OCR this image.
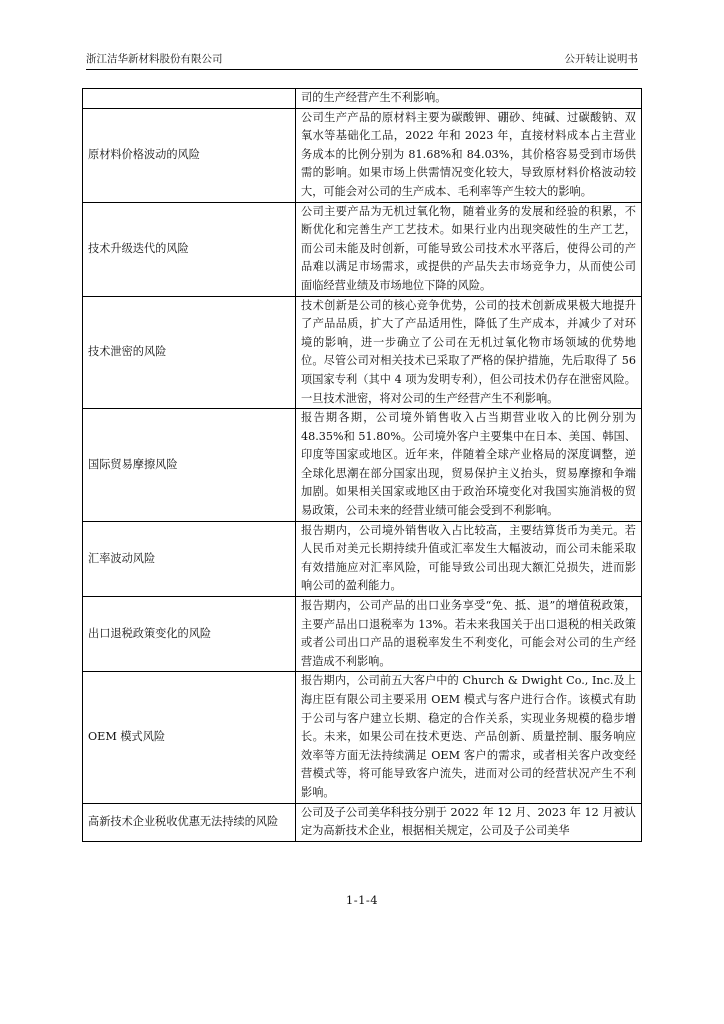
浙江洁华新材料股份有限公司	公开转让说明书
	司的生产经营产生不利影响。
原材料价格波动的风险	公司生产产品的原材料主要为碳酸钾、硼砂、纯碱、过碳酸钠、双氧水等基础化工品，2022 年和 2023 年，直接材料成本占主营业务成本的比例分别为 81.68%和 84.03%，其价格容易受到市场供需的影响。如果市场上供需情况变化较大，导致原材料价格波动较大，可能会对公司的生产成本、毛利率等产生较大的影响。
技术升级迭代的风险	公司主要产品为无机过氧化物，随着业务的发展和经验的积累，不断优化和完善生产工艺技术。如果行业内出现突破性的生产工艺，而公司未能及时创新，可能导致公司技术水平落后，使得公司的产品难以满足市场需求，或提供的产品失去市场竞争力，从而使公司面临经营业绩及市场地位下降的风险。
技术泄密的风险	技术创新是公司的核心竞争优势，公司的技术创新成果极大地提升了产品品质，扩大了产品适用性，降低了生产成本，并减少了对环境的影响，进一步确立了公司在无机过氧化物市场领域的优势地位。尽管公司对相关技术已采取了严格的保护措施，先后取得了 56 项国家专利（其中 4 项为发明专利），但公司技术仍存在泄密风险。一旦技术泄密，将对公司的生产经营产生不利影响。
国际贸易摩擦风险	报告期各期，公司境外销售收入占当期营业收入的比例分别为 48.35%和 51.80%。公司境外客户主要集中在日本、美国、韩国、印度等国家或地区。近年来，伴随着全球产业格局的深度调整，逆全球化思潮在部分国家出现，贸易保护主义抬头，贸易摩擦和争端加剧。如果相关国家或地区由于政治环境变化对我国实施消极的贸易政策，公司未来的经营业绩可能会受到不利影响。
汇率波动风险	报告期内，公司境外销售收入占比较高，主要结算货币为美元。若人民币对美元长期持续升值或汇率发生大幅波动，而公司未能采取有效措施应对汇率风险，可能导致公司出现大额汇兑损失，进而影响公司的盈利能力。
出口退税政策变化的风险	报告期内，公司产品的出口业务享受“免、抵、退”的增值税政策，主要产品出口退税率为 13%。若未来我国关于出口退税的相关政策或者公司出口产品的退税率发生不利变化，可能会对公司的生产经营造成不利影响。
OEM 模式风险	报告期内，公司前五大客户中的 Church & Dwight Co., Inc.及上海庄臣有限公司主要采用 OEM 模式与客户进行合作。该模式有助于公司与客户建立长期、稳定的合作关系，实现业务规模的稳步增长。未来，如果公司在技术更迭、产品创新、质量控制、服务响应效率等方面无法持续满足 OEM 客户的需求，或者相关客户改变经营模式等，将可能导致客户流失，进而对公司的经营状况产生不利影响。
高新技术企业税收优惠无法持续的风险	公司及子公司美华科技分别于 2022 年 12 月、2023 年 12 月被认定为高新技术企业，根据相关规定，公司及子公司美华
1-1-4
